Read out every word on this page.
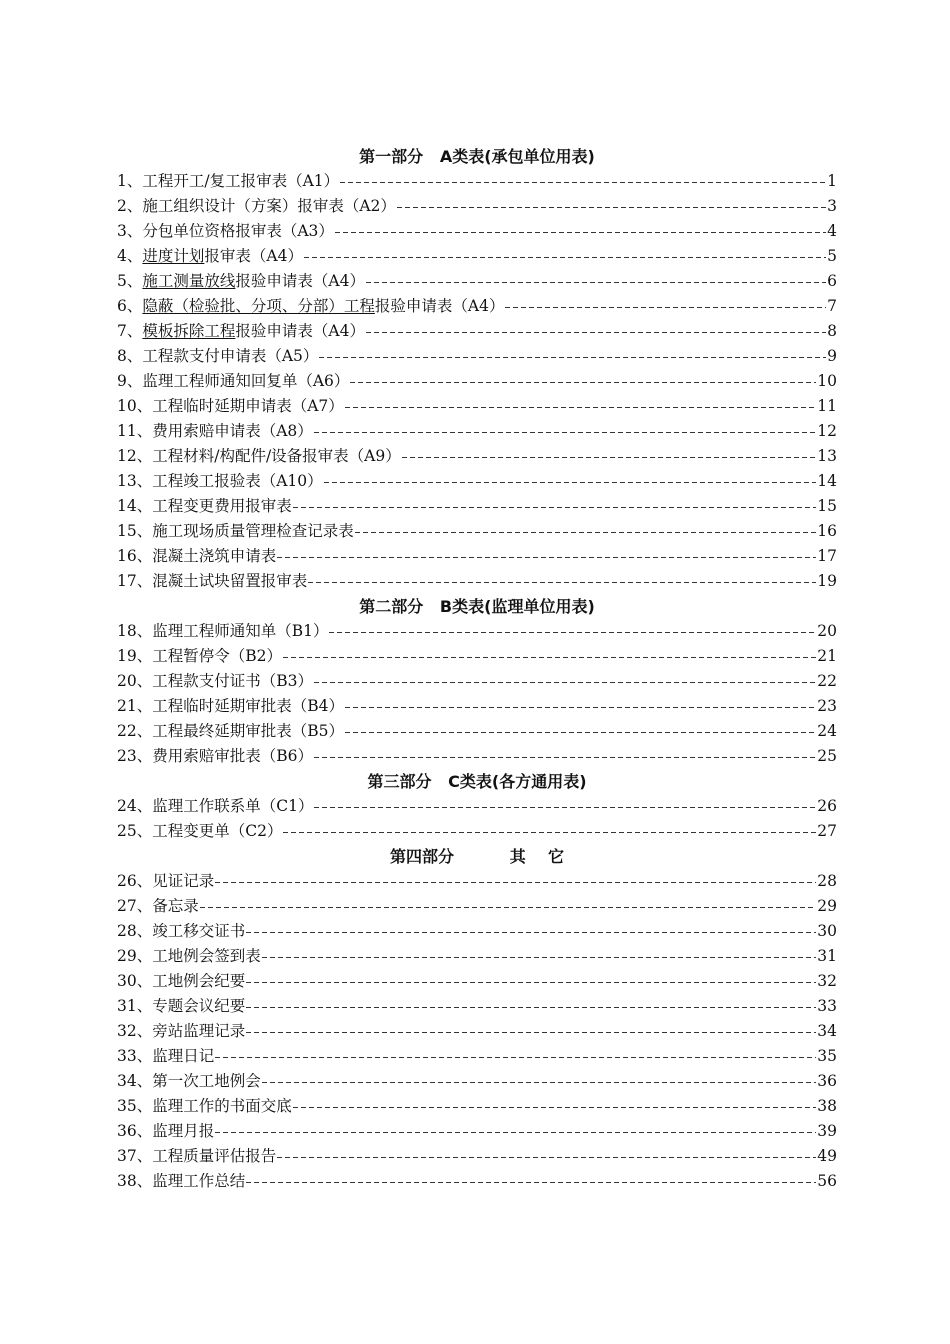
第一部分   A类表(承包单位用表)
1、工程开工/复工报审表（A1）	1
2、施工组织设计（方案）报审表（A2）	3
3、分包单位资格报审表（A3）	4
4、进度计划报审表（A4）	5
5、施工测量放线报验申请表（A4）	6
6、隐蔽（检验批、分项、分部）工程报验申请表（A4）	7
7、模板拆除工程报验申请表（A4）	8
8、工程款支付申请表（A5）	9
9、监理工程师通知回复单（A6）	10
10、工程临时延期申请表（A7）	11
11、费用索赔申请表（A8）	12
12、工程材料/构配件/设备报审表（A9）	13
13、工程竣工报验表（A10）	14
14、工程变更费用报审表	15
15、施工现场质量管理检查记录表	16
16、混凝土浇筑申请表	17
17、混凝土试块留置报审表	19
第二部分   B类表(监理单位用表)
18、监理工程师通知单（B1）	20
19、工程暂停令（B2）	21
20、工程款支付证书（B3）	22
21、工程临时延期审批表（B4）	23
22、工程最终延期审批表（B5）	24
23、费用索赔审批表（B6）	25
第三部分   C类表(各方通用表)
24、监理工作联系单（C1）	26
25、工程变更单（C2）	27
第四部分          其    它
26、见证记录	28
27、备忘录	29
28、竣工移交证书	30
29、工地例会签到表	31
30、工地例会纪要	32
31、专题会议纪要	33
32、旁站监理记录	34
33、监理日记	35
34、第一次工地例会	36
35、监理工作的书面交底	38
36、监理月报	39
37、工程质量评估报告	49
38、监理工作总结	56
